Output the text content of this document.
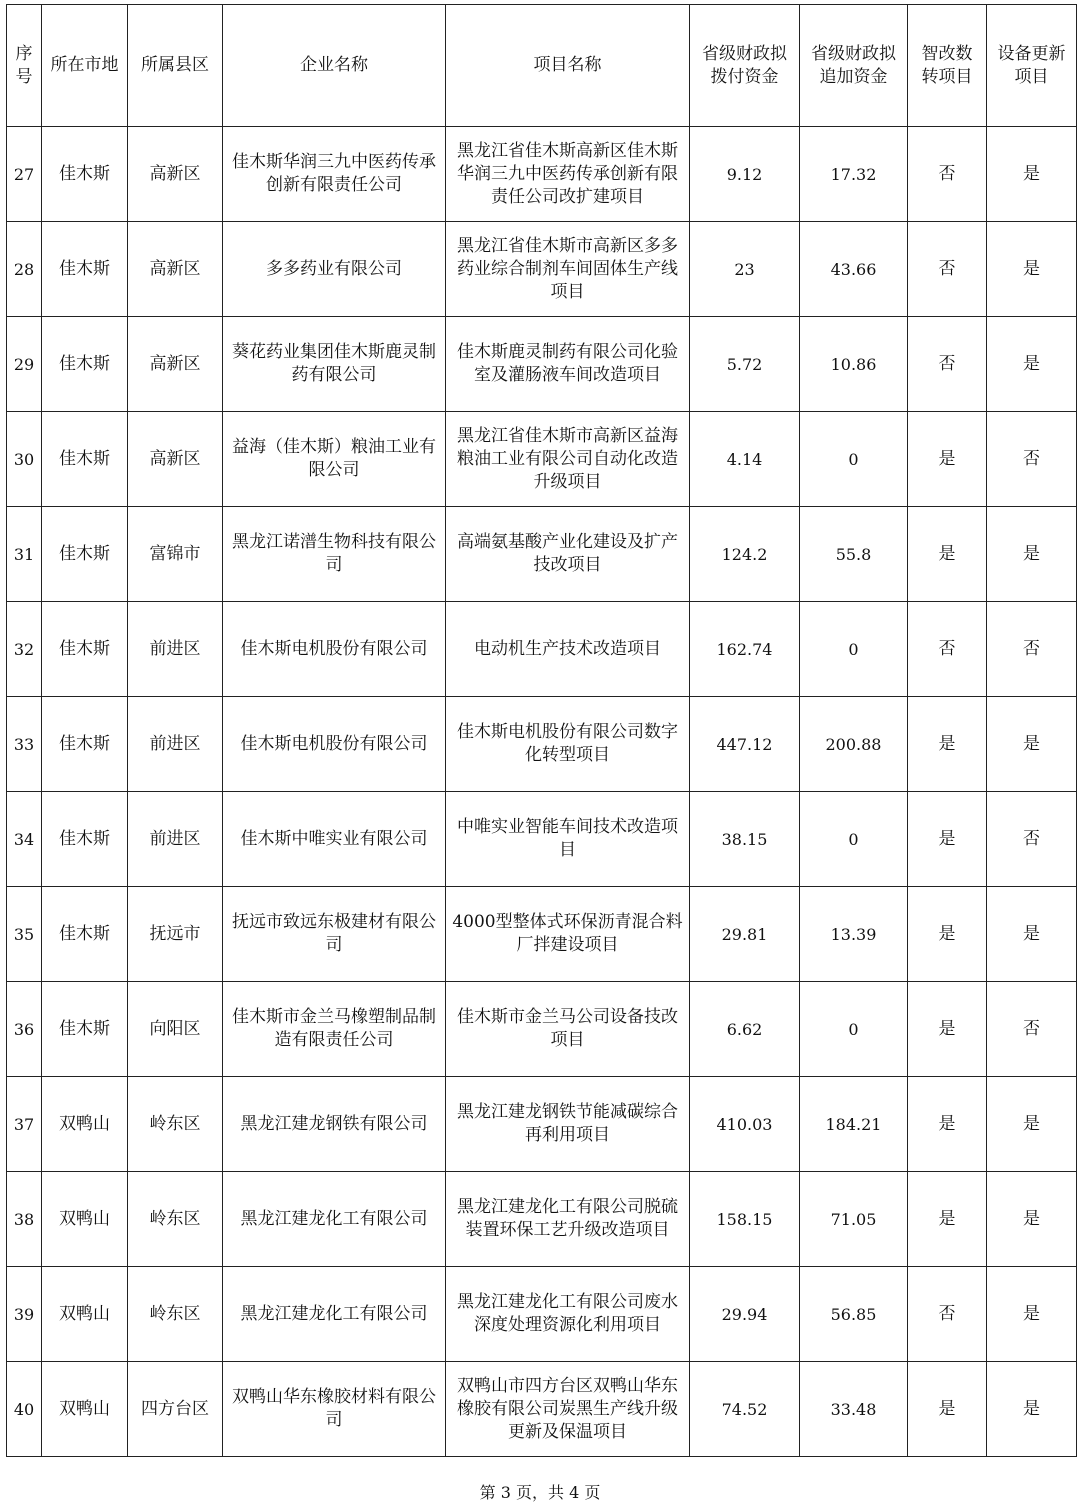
序号	所在市地	所属县区	企业名称	项目名称	省级财政拟拨付资金	省级财政拟追加资金	智改数转项目	设备更新项目
27	佳木斯	高新区	佳木斯华润三九中医药传承创新有限责任公司	黑龙江省佳木斯高新区佳木斯华润三九中医药传承创新有限责任公司改扩建项目	9.12	17.32	否	是
28	佳木斯	高新区	多多药业有限公司	黑龙江省佳木斯市高新区多多药业综合制剂车间固体生产线项目	23	43.66	否	是
29	佳木斯	高新区	葵花药业集团佳木斯鹿灵制药有限公司	佳木斯鹿灵制药有限公司化验室及灌肠液车间改造项目	5.72	10.86	否	是
30	佳木斯	高新区	益海（佳木斯）粮油工业有限公司	黑龙江省佳木斯市高新区益海粮油工业有限公司自动化改造升级项目	4.14	0	是	否
31	佳木斯	富锦市	黑龙江诺潽生物科技有限公司	高端氨基酸产业化建设及扩产技改项目	124.2	55.8	是	是
32	佳木斯	前进区	佳木斯电机股份有限公司	电动机生产技术改造项目	162.74	0	否	否
33	佳木斯	前进区	佳木斯电机股份有限公司	佳木斯电机股份有限公司数字化转型项目	447.12	200.88	是	是
34	佳木斯	前进区	佳木斯中唯实业有限公司	中唯实业智能车间技术改造项目	38.15	0	是	否
35	佳木斯	抚远市	抚远市致远东极建材有限公司	4000型整体式环保沥青混合料厂拌建设项目	29.81	13.39	是	是
36	佳木斯	向阳区	佳木斯市金兰马橡塑制品制造有限责任公司	佳木斯市金兰马公司设备技改项目	6.62	0	是	否
37	双鸭山	岭东区	黑龙江建龙钢铁有限公司	黑龙江建龙钢铁节能减碳综合再利用项目	410.03	184.21	是	是
38	双鸭山	岭东区	黑龙江建龙化工有限公司	黑龙江建龙化工有限公司脱硫装置环保工艺升级改造项目	158.15	71.05	是	是
39	双鸭山	岭东区	黑龙江建龙化工有限公司	黑龙江建龙化工有限公司废水深度处理资源化利用项目	29.94	56.85	否	是
40	双鸭山	四方台区	双鸭山华东橡胶材料有限公司	双鸭山市四方台区双鸭山华东橡胶有限公司炭黑生产线升级更新及保温项目	74.52	33.48	是	是
第 3 页，共 4 页
